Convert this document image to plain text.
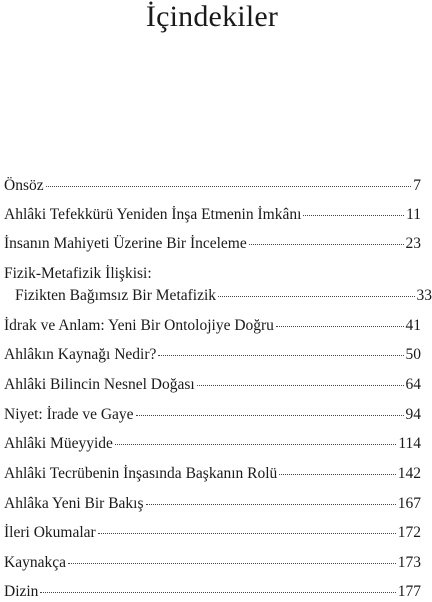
İçindekiler
Önsöz	7
Ahlâki Tefekkürü Yeniden İnşa Etmenin İmkânı	11
İnsanın Mahiyeti Üzerine Bir İnceleme	23
Fizik-Metafizik İlişkisi:
Fizikten Bağımsız Bir Metafizik	33
İdrak ve Anlam: Yeni Bir Ontolojiye Doğru	41
Ahlâkın Kaynağı Nedir?	50
Ahlâki Bilincin Nesnel Doğası	64
Niyet: İrade ve Gaye	94
Ahlâki Müeyyide	114
Ahlâki Tecrübenin İnşasında Başkanın Rolü	142
Ahlâka Yeni Bir Bakış	167
İleri Okumalar	172
Kaynakça	173
Dizin	177
